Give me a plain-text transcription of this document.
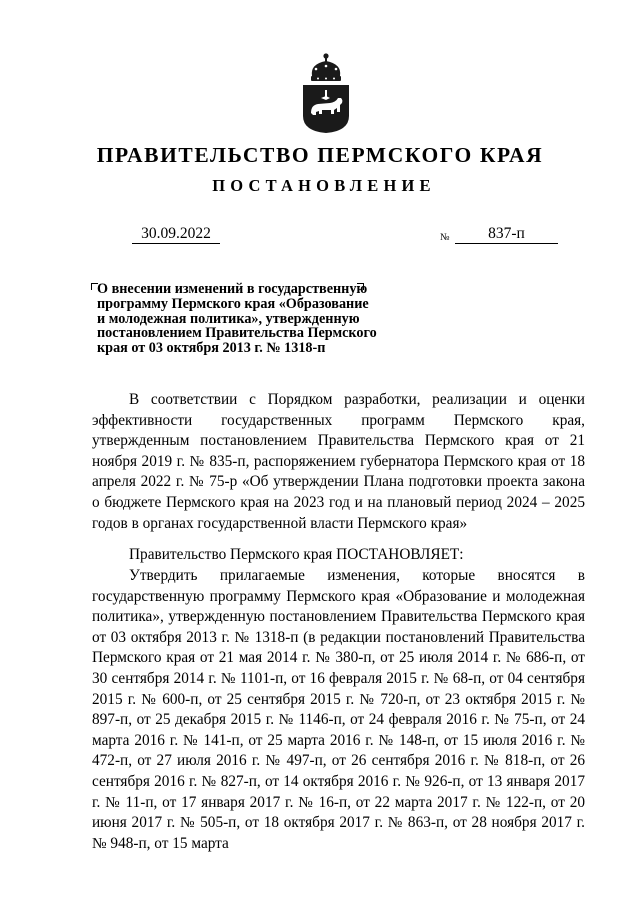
ПРАВИТЕЛЬСТВО ПЕРМСКОГО КРАЯ
ПОСТАНОВЛЕНИЕ
30.09.2022	№	837-п
О внесении изменений в государственную
программу Пермского края «Образование
и молодежная политика», утвержденную
постановлением Правительства Пермского
края от 03 октября 2013 г. № 1318-п

В соответствии с Порядком разработки, реализации и оценки эффективности государственных программ Пермского края, утвержденным постановлением Правительства Пермского края от 21 ноября 2019 г. № 835-п, распоряжением губернатора Пермского края от 18 апреля 2022 г. № 75-р «Об утверждении Плана подготовки проекта закона о бюджете Пермского края на 2023 год и на плановый период 2024 – 2025 годов в органах государственной власти Пермского края»

Правительство Пермского края ПОСТАНОВЛЯЕТ:

Утвердить прилагаемые изменения, которые вносятся в государственную программу Пермского края «Образование и молодежная политика», утвержденную постановлением Правительства Пермского края от 03 октября 2013 г. № 1318-п (в редакции постановлений Правительства Пермского края от 21 мая 2014 г. № 380-п, от 25 июля 2014 г. № 686-п, от 30 сентября 2014 г. № 1101-п, от 16 февраля 2015 г. № 68-п, от 04 сентября 2015 г. № 600-п, от 25 сентября 2015 г. № 720-п, от 23 октября 2015 г. № 897-п, от 25 декабря 2015 г. № 1146-п, от 24 февраля 2016 г. № 75-п, от 24 марта 2016 г. № 141-п, от 25 марта 2016 г. № 148-п, от 15 июля 2016 г. № 472-п, от 27 июля 2016 г. № 497-п, от 26 сентября 2016 г. № 818-п, от 26 сентября 2016 г. № 827-п, от 14 октября 2016 г. № 926-п, от 13 января 2017 г. № 11-п, от 17 января 2017 г. № 16-п, от 22 марта 2017 г. № 122-п, от 20 июня 2017 г. № 505-п, от 18 октября 2017 г. № 863-п, от 28 ноября 2017 г. № 948-п, от 15 марта
